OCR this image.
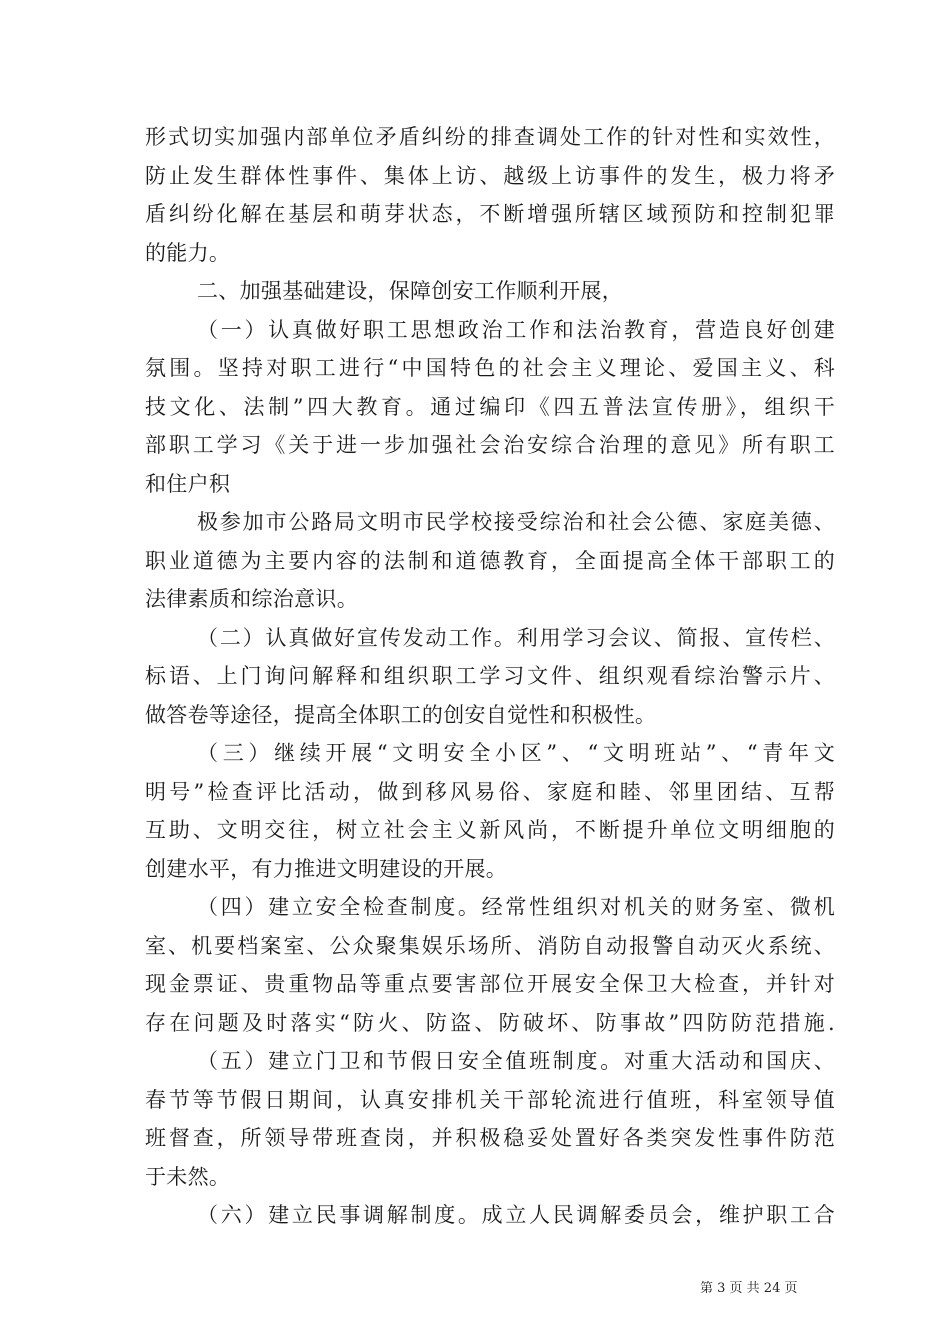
形式切实加强内部单位矛盾纠纷的排查调处工作的针对性和实效性，
防止发生群体性事件、集体上访、越级上访事件的发生，极力将矛
盾纠纷化解在基层和萌芽状态，不断增强所辖区域预防和控制犯罪
的能力。
二、加强基础建设，保障创安工作顺利开展，
（一）认真做好职工思想政治工作和法治教育，营造良好创建
氛围。坚持对职工进行“中国特色的社会主义理论、爱国主义、科
技文化、法制”四大教育。通过编印《四五普法宣传册》，组织干
部职工学习《关于进一步加强社会治安综合治理的意见》所有职工
和住户积
极参加市公路局文明市民学校接受综治和社会公德、家庭美德、
职业道德为主要内容的法制和道德教育，全面提高全体干部职工的
法律素质和综治意识。
（二）认真做好宣传发动工作。利用学习会议、简报、宣传栏、
标语、上门询问解释和组织职工学习文件、组织观看综治警示片、
做答卷等途径，提高全体职工的创安自觉性和积极性。
（三）继续开展“文明安全小区”、“文明班站”、“青年文
明号”检查评比活动，做到移风易俗、家庭和睦、邻里团结、互帮
互助、文明交往，树立社会主义新风尚，不断提升单位文明细胞的
创建水平，有力推进文明建设的开展。
（四）建立安全检查制度。经常性组织对机关的财务室、微机
室、机要档案室、公众聚集娱乐场所、消防自动报警自动灭火系统、
现金票证、贵重物品等重点要害部位开展安全保卫大检查，并针对
存在问题及时落实“防火、防盗、防破坏、防事故”四防防范措施.
（五）建立门卫和节假日安全值班制度。对重大活动和国庆、
春节等节假日期间，认真安排机关干部轮流进行值班，科室领导值
班督查，所领导带班查岗，并积极稳妥处置好各类突发性事件防范
于未然。
（六）建立民事调解制度。成立人民调解委员会，维护职工合
第 3 页 共 24 页
